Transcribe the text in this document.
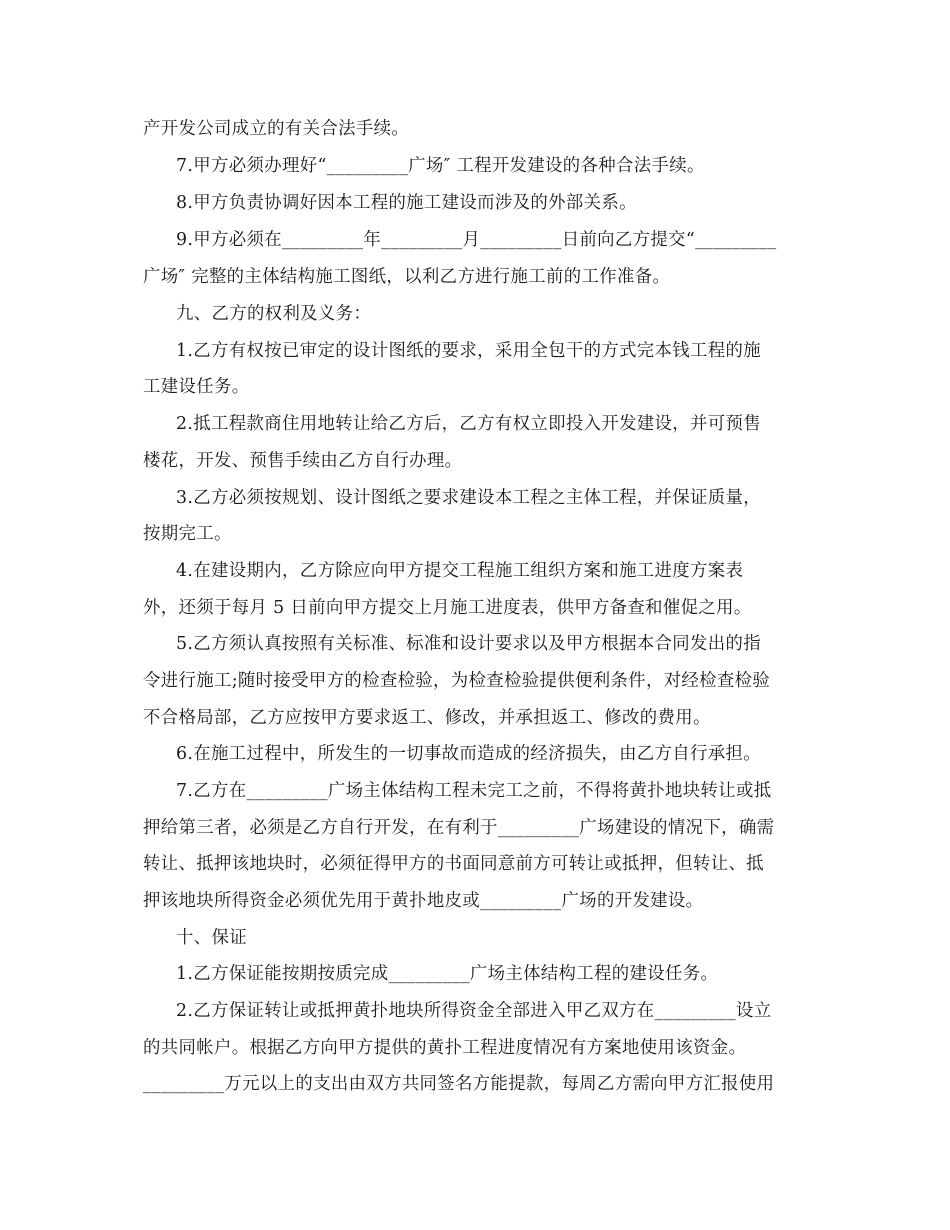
产开发公司成立的有关合法手续。
7.甲方必须办理好“_________广场″ 工程开发建设的各种合法手续。
8.甲方负责协调好因本工程的施工建设而涉及的外部关系。
9.甲方必须在_________年_________月_________日前向乙方提交“_________
广场″ 完整的主体结构施工图纸，以利乙方进行施工前的工作准备。
九、乙方的权利及义务：
1.乙方有权按已审定的设计图纸的要求，采用全包干的方式完本钱工程的施
工建设任务。
2.抵工程款商住用地转让给乙方后，乙方有权立即投入开发建设，并可预售
楼花，开发、预售手续由乙方自行办理。
3.乙方必须按规划、设计图纸之要求建设本工程之主体工程，并保证质量，
按期完工。
4.在建设期内，乙方除应向甲方提交工程施工组织方案和施工进度方案表
外，还须于每月 5 日前向甲方提交上月施工进度表，供甲方备查和催促之用。
5.乙方须认真按照有关标准、标准和设计要求以及甲方根据本合同发出的指
令进行施工;随时接受甲方的检查检验，为检查检验提供便利条件，对经检查检验
不合格局部，乙方应按甲方要求返工、修改，并承担返工、修改的费用。
6.在施工过程中，所发生的一切事故而造成的经济损失，由乙方自行承担。
7.乙方在_________广场主体结构工程未完工之前，不得将黄扑地块转让或抵
押给第三者，必须是乙方自行开发，在有利于_________广场建设的情况下，确需
转让、抵押该地块时，必须征得甲方的书面同意前方可转让或抵押，但转让、抵
押该地块所得资金必须优先用于黄扑地皮或_________广场的开发建设。
十、保证
1.乙方保证能按期按质完成_________广场主体结构工程的建设任务。
2.乙方保证转让或抵押黄扑地块所得资金全部进入甲乙双方在_________设立
的共同帐户。根据乙方向甲方提供的黄扑工程进度情况有方案地使用该资金。
_________万元以上的支出由双方共同签名方能提款，每周乙方需向甲方汇报使用
